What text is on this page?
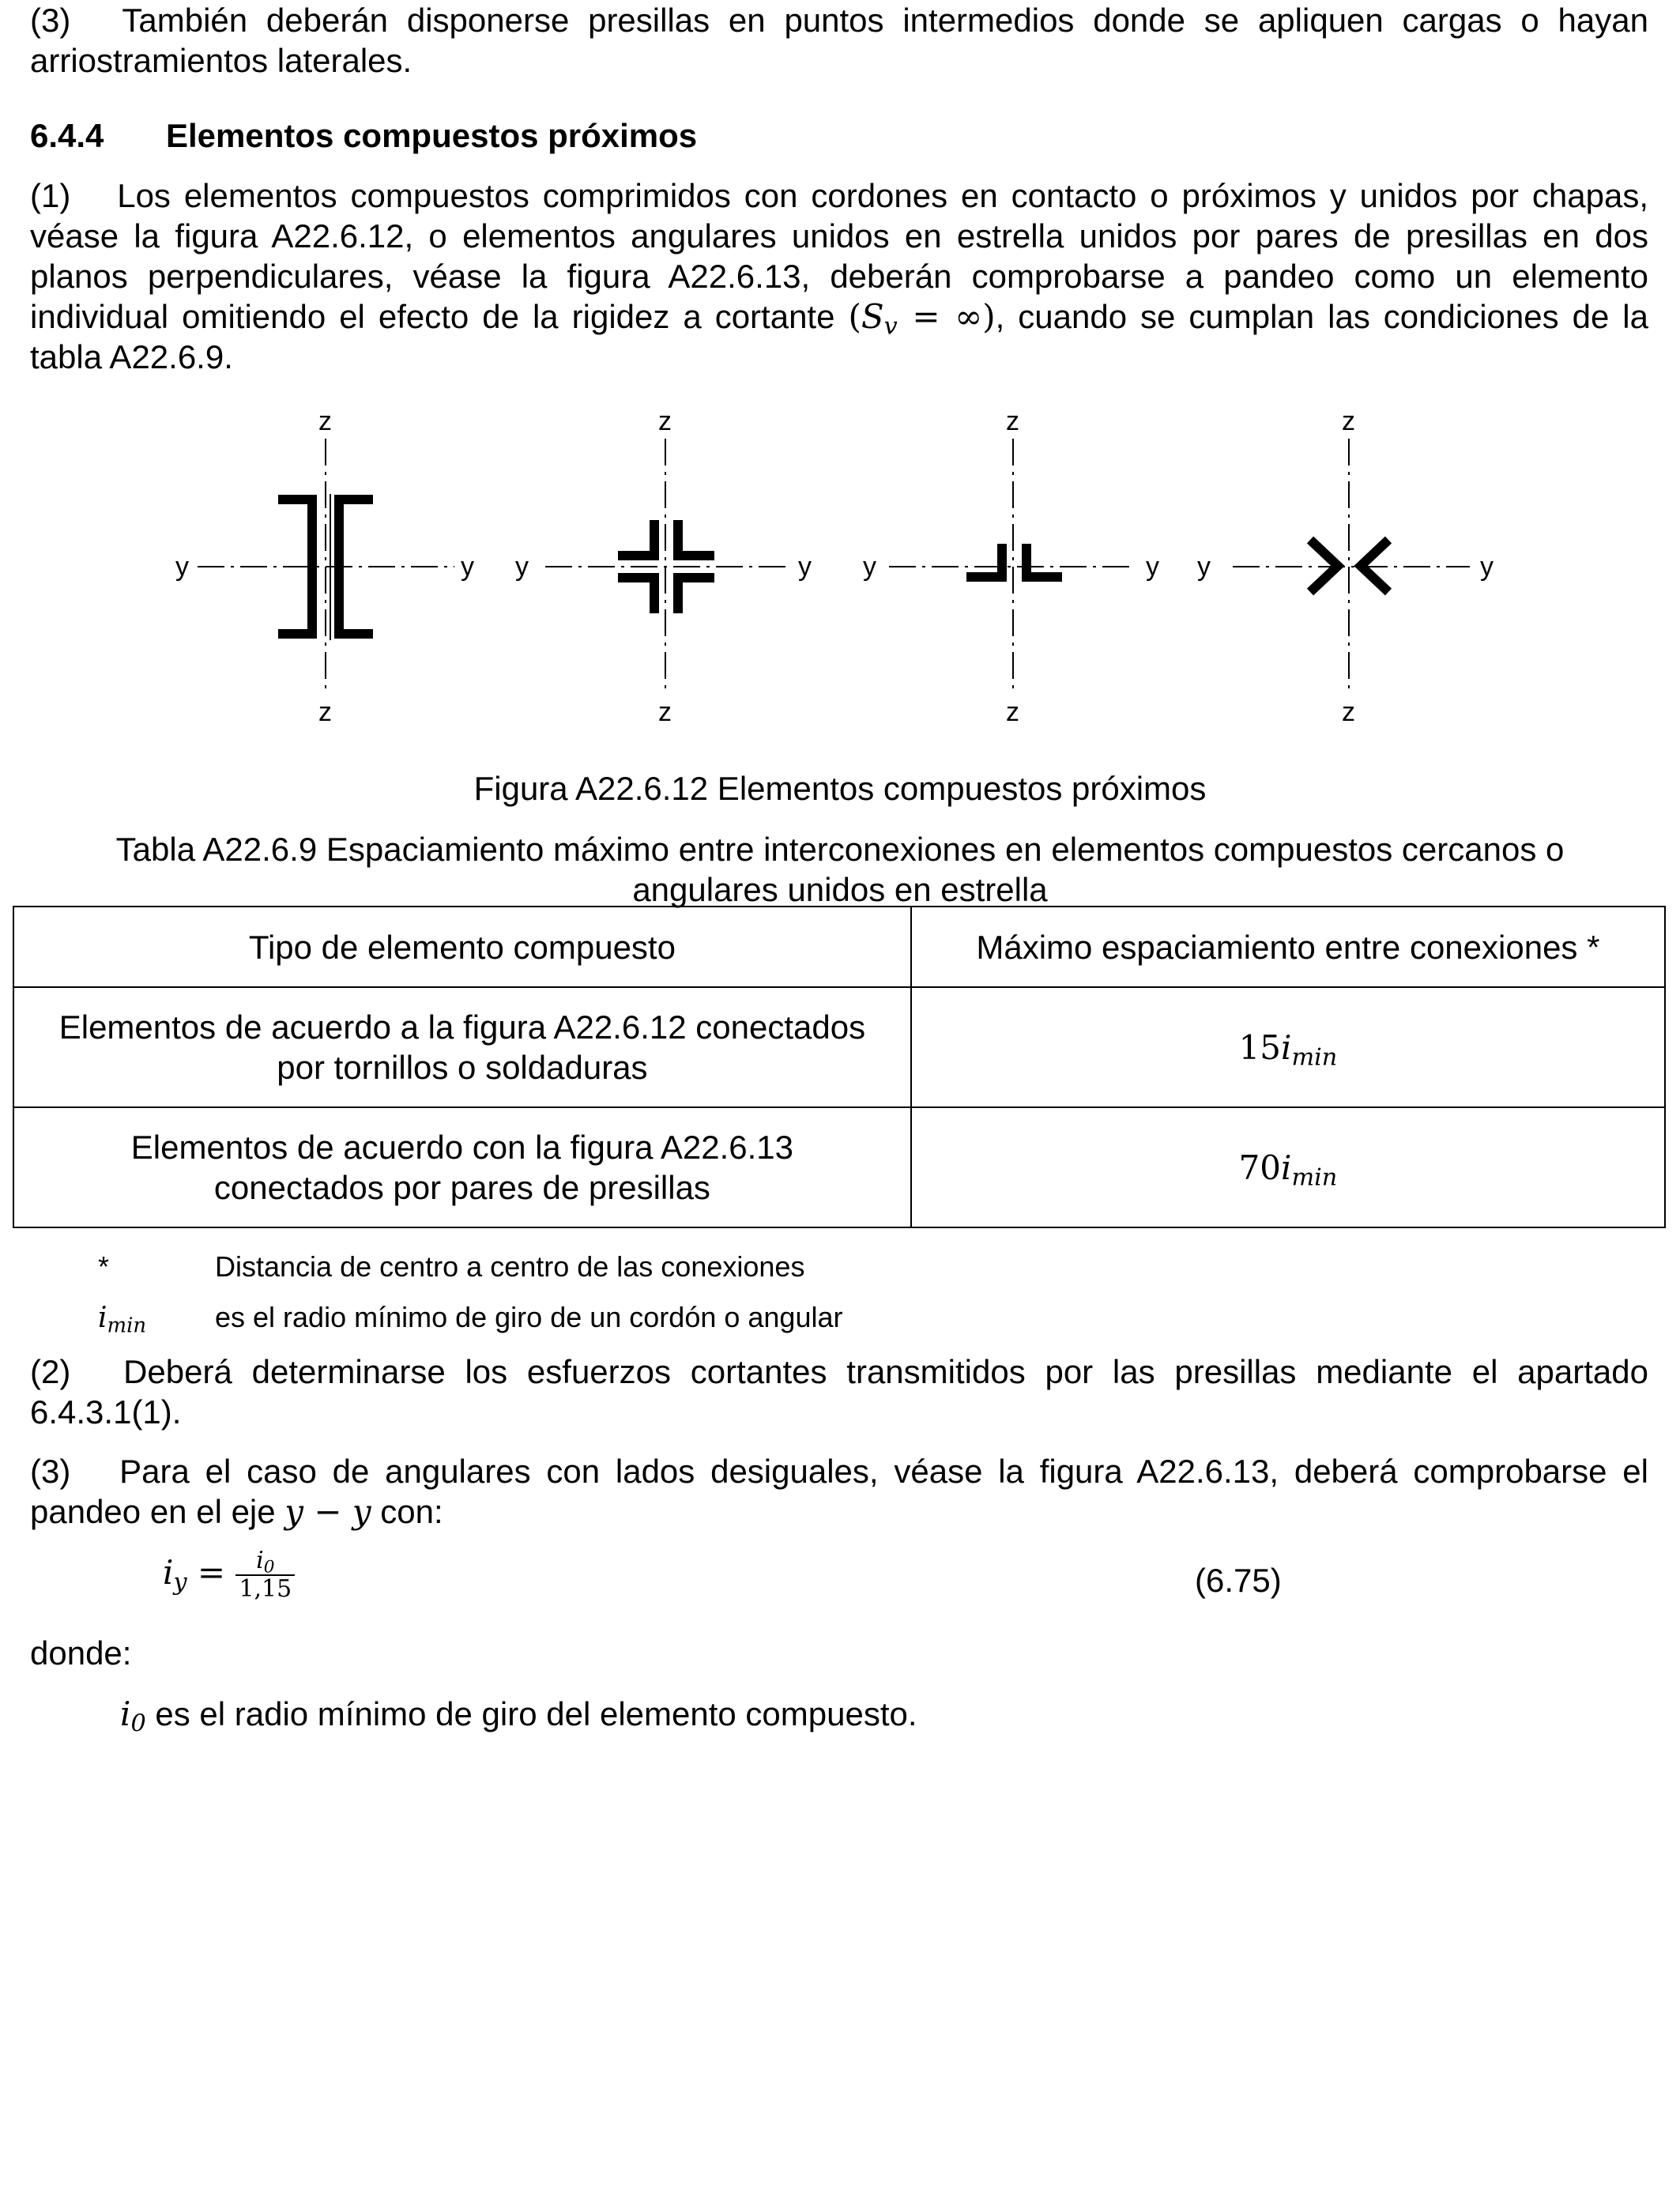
(3)  También deberán disponerse presillas en puntos intermedios donde se apliquen cargas o hayan arriostramientos laterales.

6.4.4 Elementos compuestos próximos

(1)  Los elementos compuestos comprimidos con cordones en contacto o próximos y unidos por chapas, véase la figura A22.6.12, o elementos angulares unidos en estrella unidos por pares de presillas en dos planos perpendiculares, véase la figura A22.6.13, deberán comprobarse a pandeo como un elemento individual omitiendo el efecto de la rigidez a cortante ($S_v$ = ∞), cuando se cumplan las condiciones de la tabla A22.6.9.

z
z
y	y
z
z
y	y
z
z
y	y
z
z
y	y
Figura A22.6.12 Elementos compuestos próximos
Tabla A22.6.9 Espaciamiento máximo entre interconexiones en elementos compuestos cercanos o
angulares unidos en estrella
Tipo de elemento compuesto	Máximo espaciamiento entre conexiones *
Elementos de acuerdo a la figura A22.6.12 conectados
por tornillos o soldaduras	$15i_{min}$
Elementos de acuerdo con la figura A22.6.13
conectados por pares de presillas	$70i_{min}$
*	Distancia de centro a centro de las conexiones
$i_{min}$ es el radio mínimo de giro de un cordón o angular

(2)  Deberá determinarse los esfuerzos cortantes transmitidos por las presillas mediante el apartado 6.4.3.1(1).

(3)  Para el caso de angulares con lados desiguales, véase la figura A22.6.13, deberá comprobarse el pandeo en el eje y − y con:

$i_y = \frac{i_0}{1,15}$	(6.75)
donde:
$i_0$ es el radio mínimo de giro del elemento compuesto.
